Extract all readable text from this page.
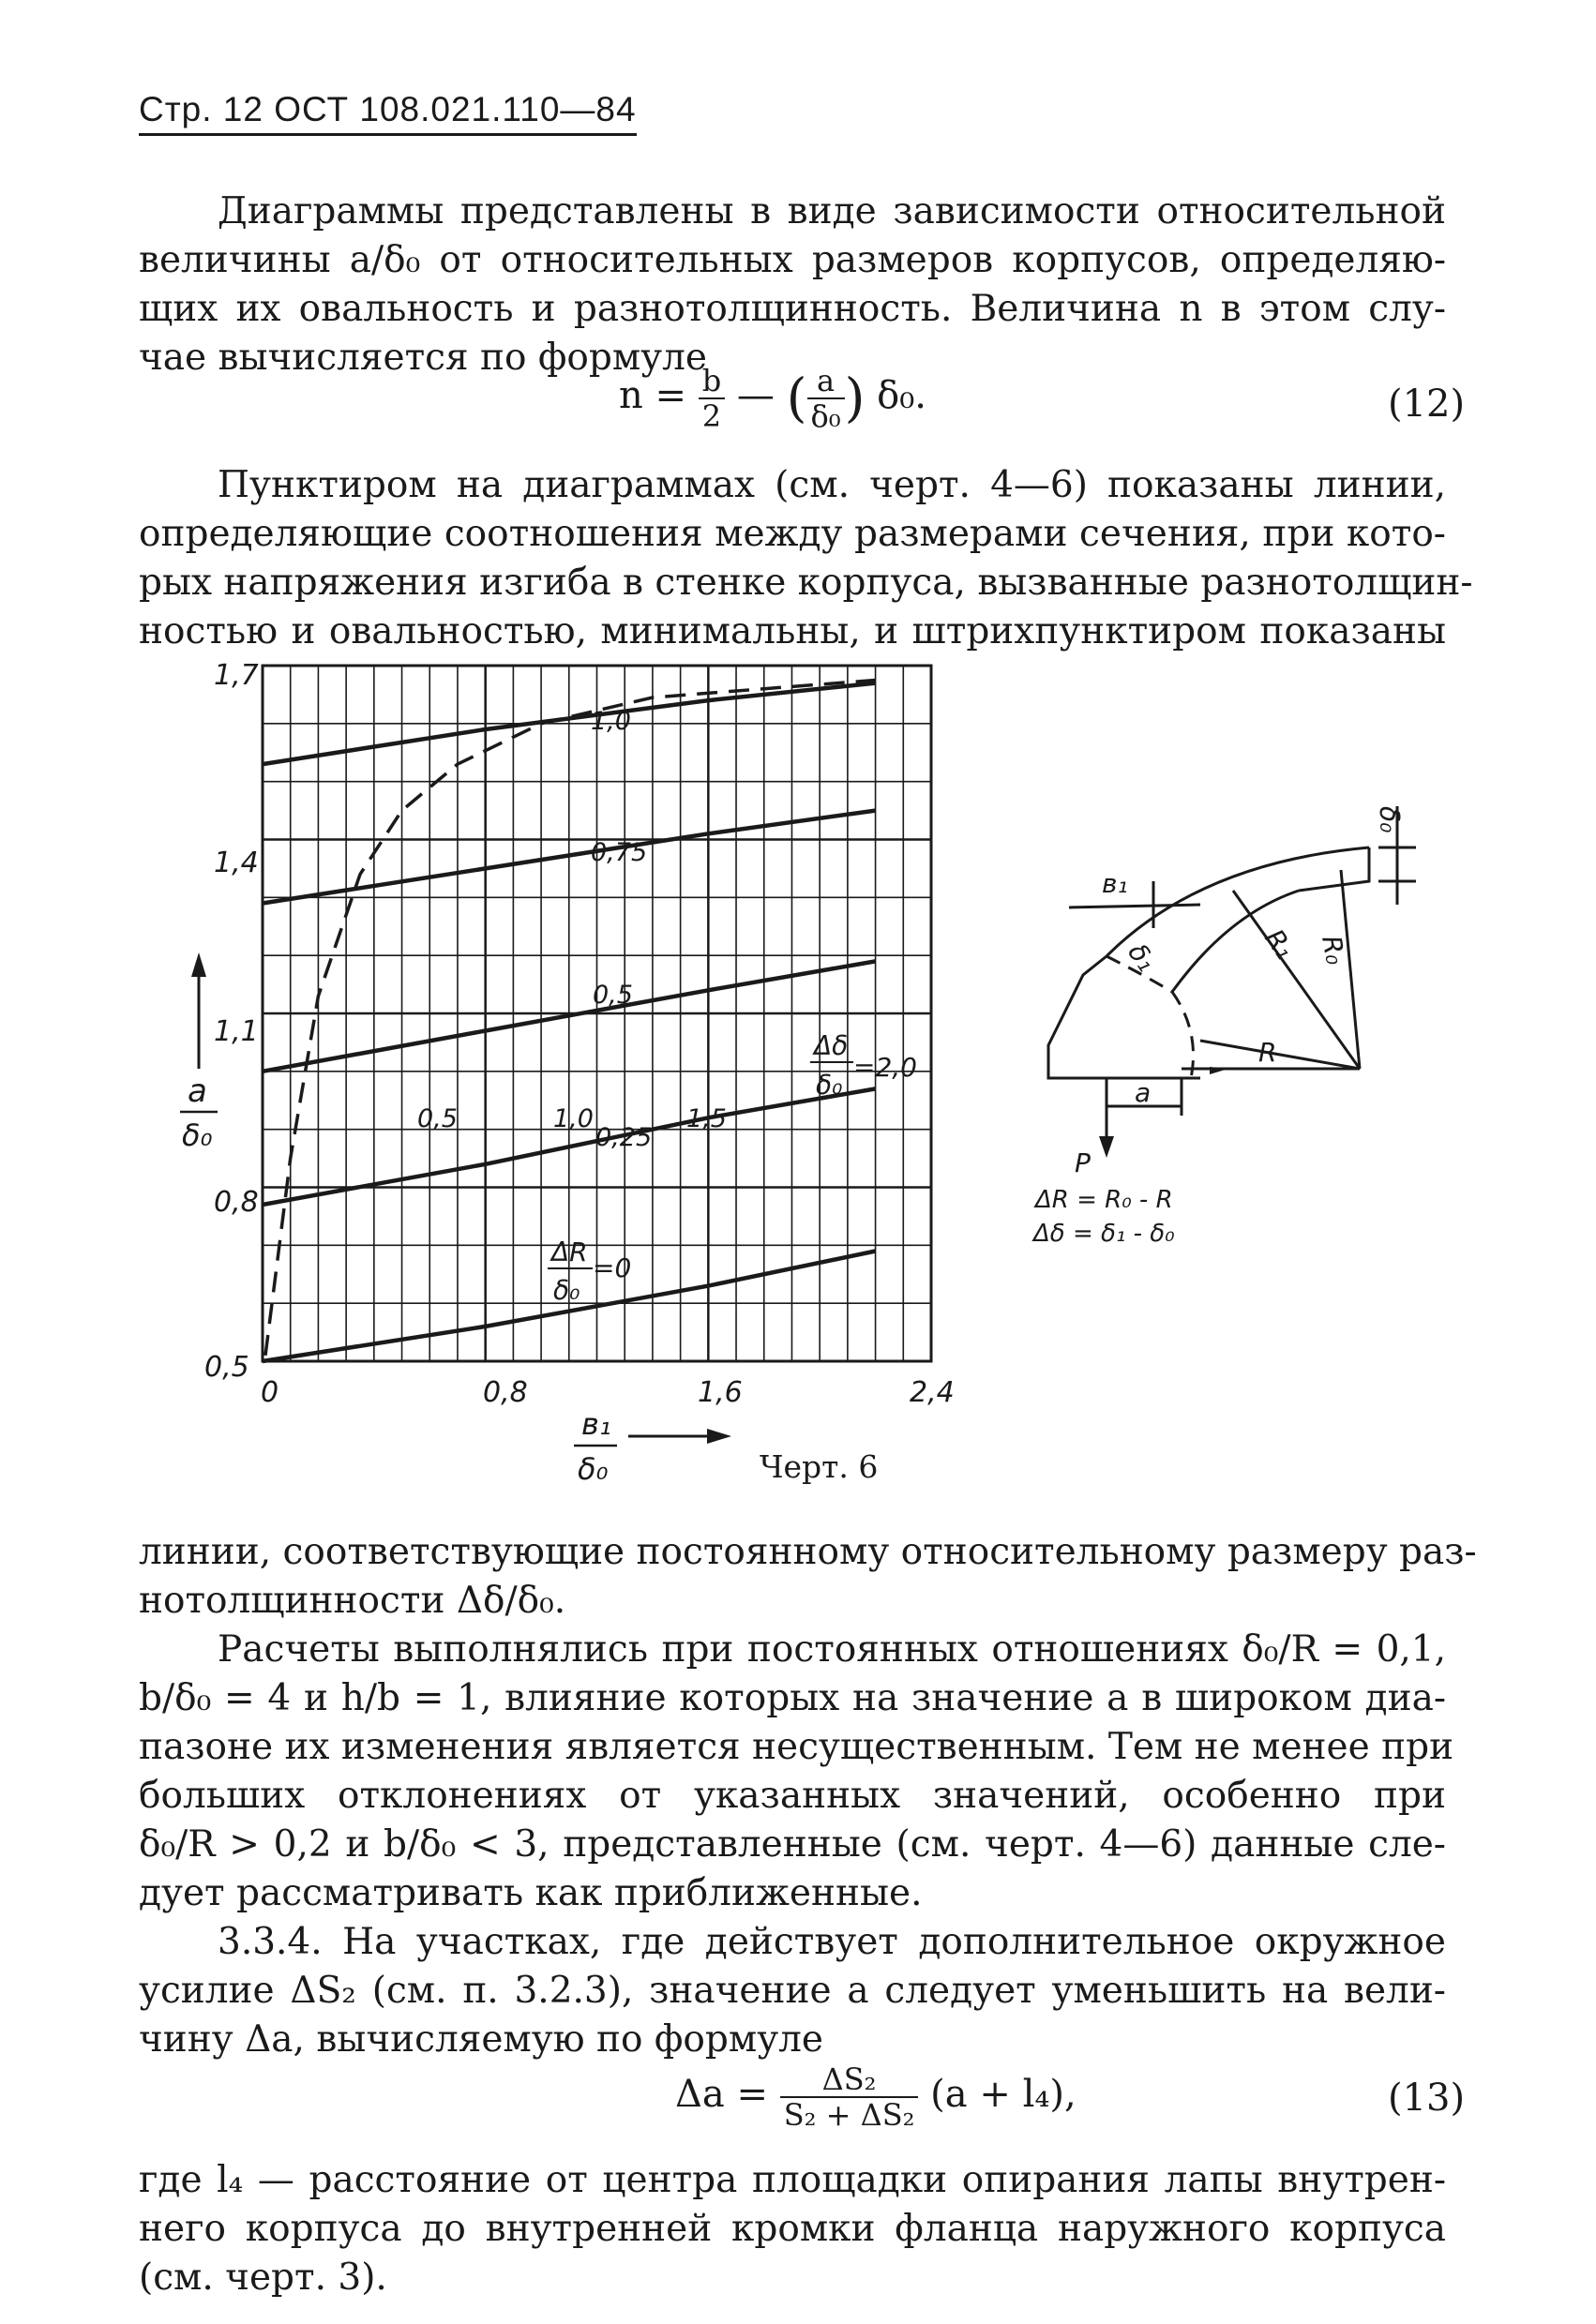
Стр. 12 ОСТ 108.021.110—84
Диаграммы представлены в виде зависимости относительной
величины a/δ₀ от относительных размеров корпусов, определяю-
щих их овальность и разнотолщинность. Величина n в этом слу-
чае вычисляется по формуле
$n = \frac{b}{2}$ — ( $\frac{a}{\text{δ₀}}$ ) δ₀.	(12)
Пунктиром на диаграммах (см. черт. 4—6) показаны линии,
определяющие соотношения между размерами сечения, при кото-
рых напряжения изгиба в стенке корпуса, вызванные разнотолщин-
ностью и овальностью, минимальны, и штрихпунктиром показаны
1,7
1,4
1,1
0,8
0,5
0	0,8	1,6	2,4
a
δ₀
в₁
δ₀
1,0
0,75
0,5
0,25
0,5	1,0	1,5
Δδ
δ₀
=2,0
ΔR
δ₀
=0
Черт. 6
δ₀
в₁
δ₁	R₁ R₀
R
a
P
ΔR = R₀ - R
Δδ = δ₁ - δ₀
линии, соответствующие постоянному относительному размеру раз-
нотолщинности Δδ/δ₀.
Расчеты выполнялись при постоянных отношениях δ₀/R = 0,1,
b/δ₀ = 4 и h/b = 1, влияние которых на значение a в широком диа-
пазоне их изменения является несущественным. Тем не менее при
больших отклонениях от указанных значений, особенно при
δ₀/R > 0,2 и b/δ₀ < 3, представленные (см. черт. 4—6) данные сле-
дует рассматривать как приближенные.
3.3.4. На участках, где действует дополнительное окружное
усилие ΔS₂ (см. п. 3.2.3), значение a следует уменьшить на вели-
чину Δa, вычисляемую по формуле
$\Delta a = \frac{\text{ΔS₂}}{\text{S₂ + ΔS₂}} (a + l_4)$,	(13)
где l₄ — расстояние от центра площадки опирания лапы внутрен-
него корпуса до внутренней кромки фланца наружного корпуса
(см. черт. 3).
